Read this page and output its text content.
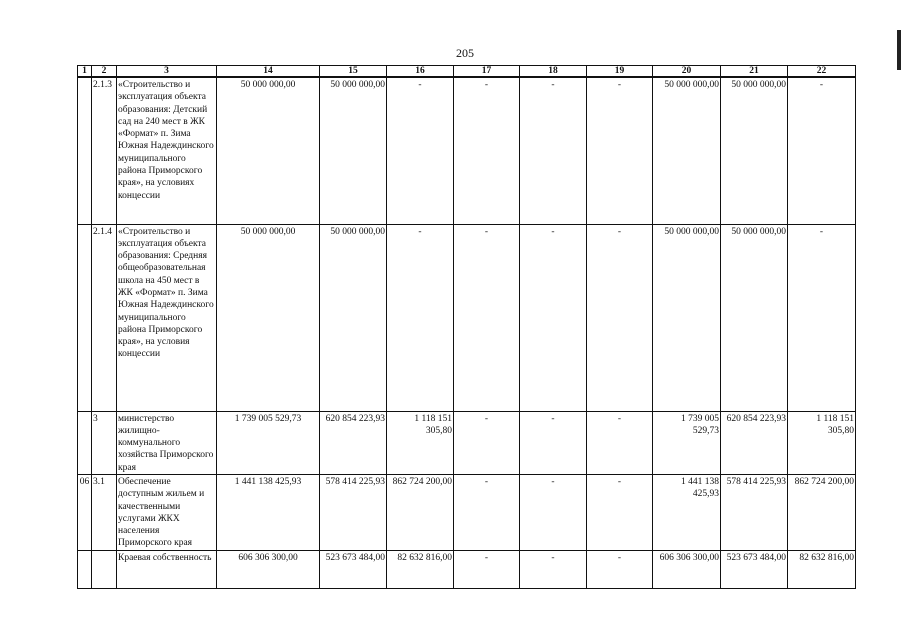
205
1	2	3	14	15	16	17	18	19	20	21	22
	2.1.3	«Строительство и эксплуатация объекта образования: Детский сад на 240 мест в ЖК «Формат» п. Зима Южная Надеждинского муниципального района Приморского края», на условиях концессии	50 000 000,00	50 000 000,00	-	-	-	-	50 000 000,00	50 000 000,00	-
	2.1.4	«Строительство и эксплуатация объекта образования: Средняя общеобразовательная школа на 450 мест в ЖК «Формат» п. Зима Южная Надеждинского муниципального района Приморского края», на условия концессии	50 000 000,00	50 000 000,00	-	-	-	-	50 000 000,00	50 000 000,00	-
	3	министерство жилищно-коммунального хозяйства Приморского края	1 739 005 529,73	620 854 223,93	1 118 151 305,80	-	-	-	1 739 005 529,73	620 854 223,93	1 118 151 305,80
06	3.1	Обеспечение доступным жильем и качественными услугами ЖКХ населения Приморского края	1 441 138 425,93	578 414 225,93	862 724 200,00	-	-	-	1 441 138 425,93	578 414 225,93	862 724 200,00
		Краевая собственность	606 306 300,00	523 673 484,00	82 632 816,00	-	-	-	606 306 300,00	523 673 484,00	82 632 816,00
